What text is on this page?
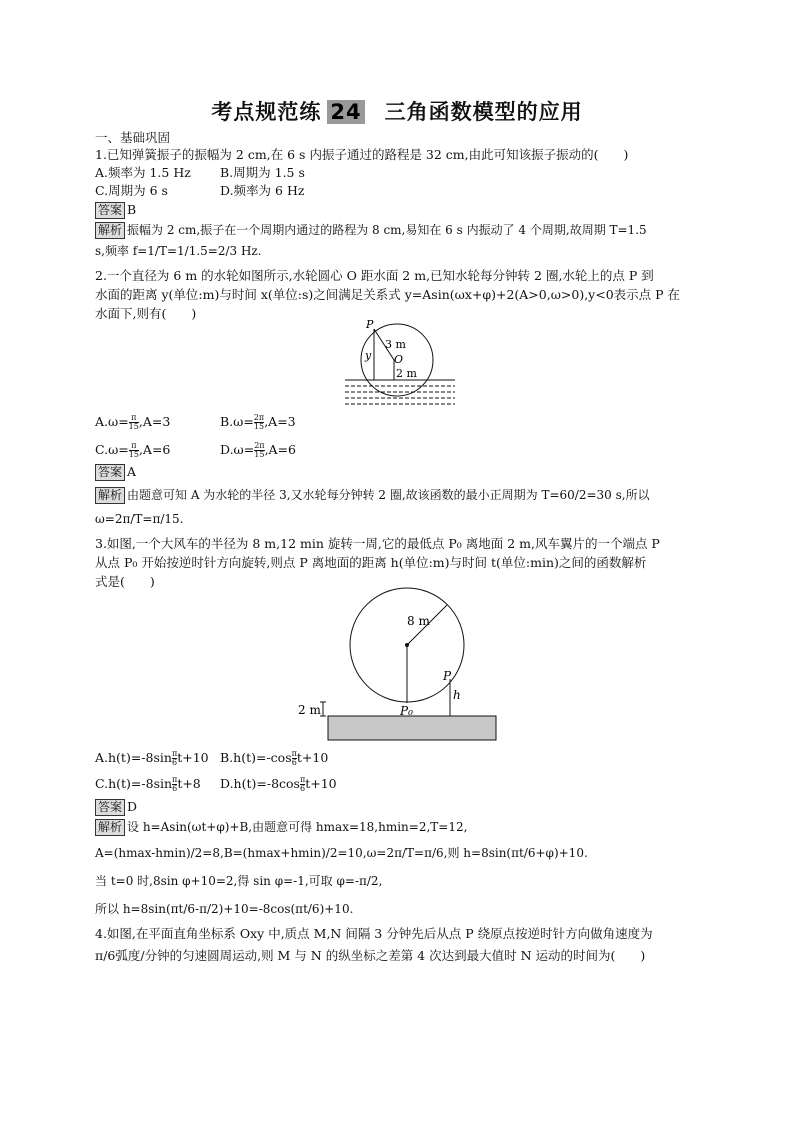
考点规范练 24 三角函数模型的应用
一、基础巩固
1.已知弹簧振子的振幅为 2 cm,在 6 s 内振子通过的路程是 32 cm,由此可知该振子振动的(　　)
A.频率为 1.5 Hz B.周期为 1.5 s
C.周期为 6 s	D.频率为 6 Hz
答案 B
解析 振幅为 2 cm,振子在一个周期内通过的路程为 8 cm,易知在 6 s 内振动了 4 个周期,故周期 T=1.5
s,频率 f=1/T=1/1.5=2/3 Hz.
2.一个直径为 6 m 的水轮如图所示,水轮圆心 O 距水面 2 m,已知水轮每分钟转 2 圈,水轮上的点 P 到
水面的距离 y(单位:m)与时间 x(单位:s)之间满足关系式 y=Asin(ωx+φ)+2(A>0,ω>0),y<0表示点 P 在
水面下,则有(　　)
P
y
3 m
O
2 m
$A.\omega= \frac{\pi}{15} ,A=3$	$B.\omega= \frac{2\pi}{15} ,A=3$
$C.\omega= \frac{\pi}{15} ,A=6$	$D.\omega= \frac{2\pi}{15} ,A=6$
答案 A
解析 由题意可知 A 为水轮的半径 3,又水轮每分钟转 2 圈,故该函数的最小正周期为 T=60/2=30 s,所以
ω=2π/T=π/15.
3.如图,一个大风车的半径为 8 m,12 min 旋转一周,它的最低点 P₀ 离地面 2 m,风车翼片的一个端点 P
从点 P₀ 开始按逆时针方向旋转,则点 P 离地面的距离 h(单位:m)与时间 t(单位:min)之间的函数解析
式是(　　)
8 m
P
h
2 m	P₀
$A.h(t)=-8\sin \frac{\pi}{6} t+10$ $B.h(t)=-\cos \frac{\pi}{6} t+10$
$C.h(t)=-8\sin \frac{\pi}{6} t+8$ $D.h(t)=-8\cos \frac{\pi}{6} t+10$
答案 D
解析 设 h=Asin(ωt+φ)+B,由题意可得 hmax=18,hmin=2,T=12,
A=(hmax-hmin)/2=8,B=(hmax+hmin)/2=10,ω=2π/T=π/6,则 h=8sin(πt/6+φ)+10.
当 t=0 时,8sin φ+10=2,得 sin φ=-1,可取 φ=-π/2,
所以 h=8sin(πt/6-π/2)+10=-8cos(πt/6)+10.
4.如图,在平面直角坐标系 Oxy 中,质点 M,N 间隔 3 分钟先后从点 P 绕原点按逆时针方向做角速度为
π/6弧度/分钟的匀速圆周运动,则 M 与 N 的纵坐标之差第 4 次达到最大值时 N 运动的时间为(　　)
